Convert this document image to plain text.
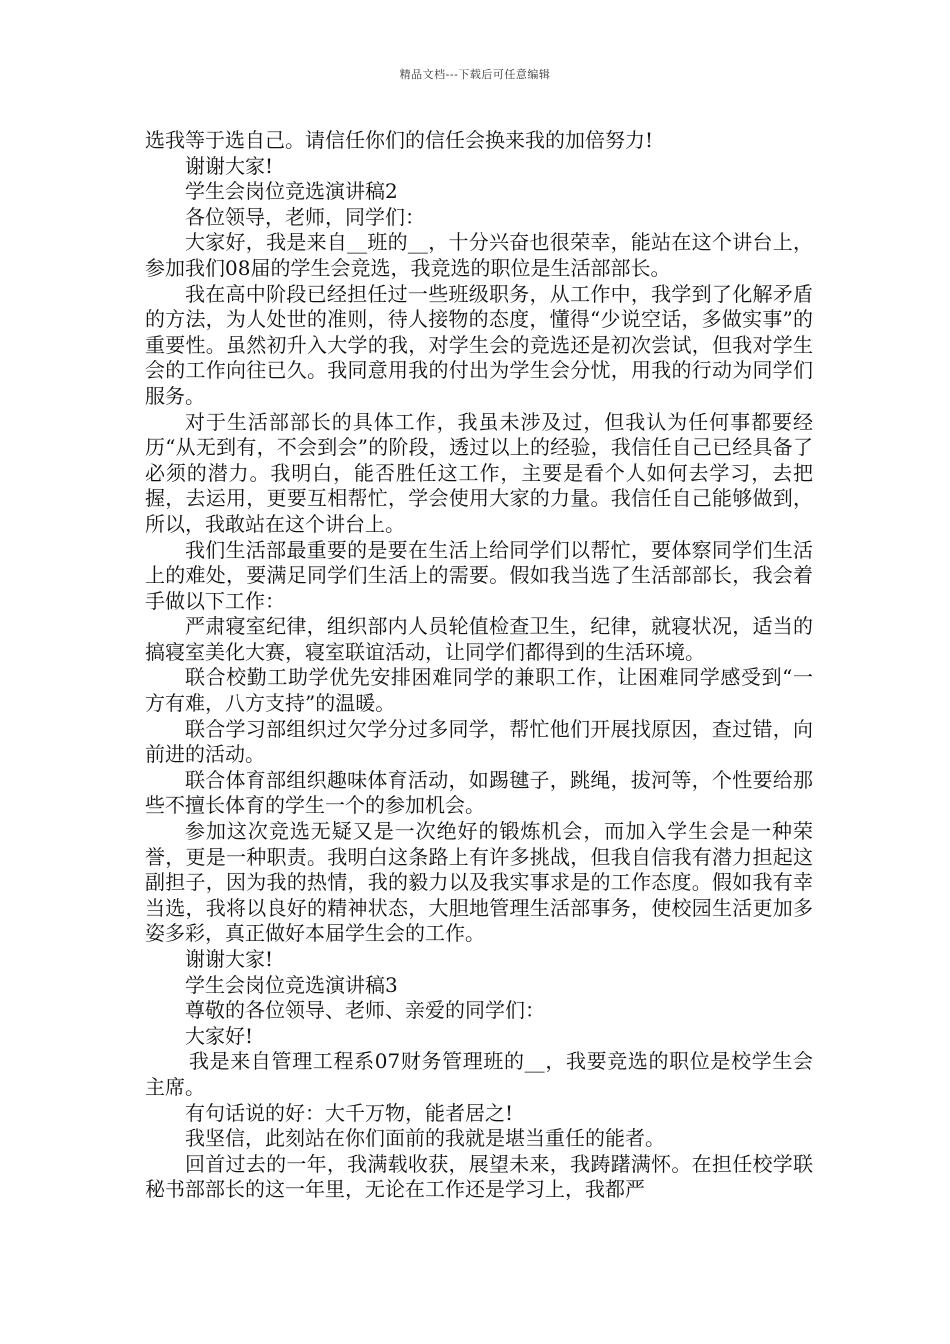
精品文档---下载后可任意编辑

选我等于选自己。请信任你们的信任会换来我的加倍努力!

谢谢大家!

学生会岗位竞选演讲稿2

各位领导，老师，同学们：

大家好，我是来自__班的__，十分兴奋也很荣幸，能站在这个讲台上，参加我们08届的学生会竞选，我竞选的职位是生活部部长。

我在高中阶段已经担任过一些班级职务，从工作中，我学到了化解矛盾的方法，为人处世的准则，待人接物的态度，懂得“少说空话，多做实事”的重要性。虽然初升入大学的我，对学生会的竞选还是初次尝试，但我对学生会的工作向往已久。我同意用我的付出为学生会分忧，用我的行动为同学们服务。

对于生活部部长的具体工作，我虽未涉及过，但我认为任何事都要经历“从无到有，不会到会”的阶段，透过以上的经验，我信任自己已经具备了必须的潜力。我明白，能否胜任这工作，主要是看个人如何去学习，去把握，去运用，更要互相帮忙，学会使用大家的力量。我信任自己能够做到，所以，我敢站在这个讲台上。

我们生活部最重要的是要在生活上给同学们以帮忙，要体察同学们生活上的难处，要满足同学们生活上的需要。假如我当选了生活部部长，我会着手做以下工作：

严肃寝室纪律，组织部内人员轮值检查卫生，纪律，就寝状况，适当的搞寝室美化大赛，寝室联谊活动，让同学们都得到的生活环境。

联合校勤工助学优先安排困难同学的兼职工作，让困难同学感受到“一方有难，八方支持”的温暖。

联合学习部组织过欠学分过多同学，帮忙他们开展找原因，查过错，向前进的活动。

联合体育部组织趣味体育活动，如踢毽子，跳绳，拔河等，个性要给那些不擅长体育的学生一个的参加机会。

参加这次竞选无疑又是一次绝好的锻炼机会，而加入学生会是一种荣誉，更是一种职责。我明白这条路上有许多挑战，但我自信我有潜力担起这副担子，因为我的热情，我的毅力以及我实事求是的工作态度。假如我有幸当选，我将以良好的精神状态，大胆地管理生活部事务，使校园生活更加多姿多彩，真正做好本届学生会的工作。

谢谢大家!

学生会岗位竞选演讲稿3

尊敬的各位领导、老师、亲爱的同学们：

大家好!

我是来自管理工程系07财务管理班的__，我要竞选的职位是校学生会主席。

有句话说的好：大千万物，能者居之!

我坚信，此刻站在你们面前的我就是堪当重任的能者。

回首过去的一年，我满载收获，展望未来，我踌躇满怀。在担任校学联秘书部部长的这一年里，无论在工作还是学习上，我都严
